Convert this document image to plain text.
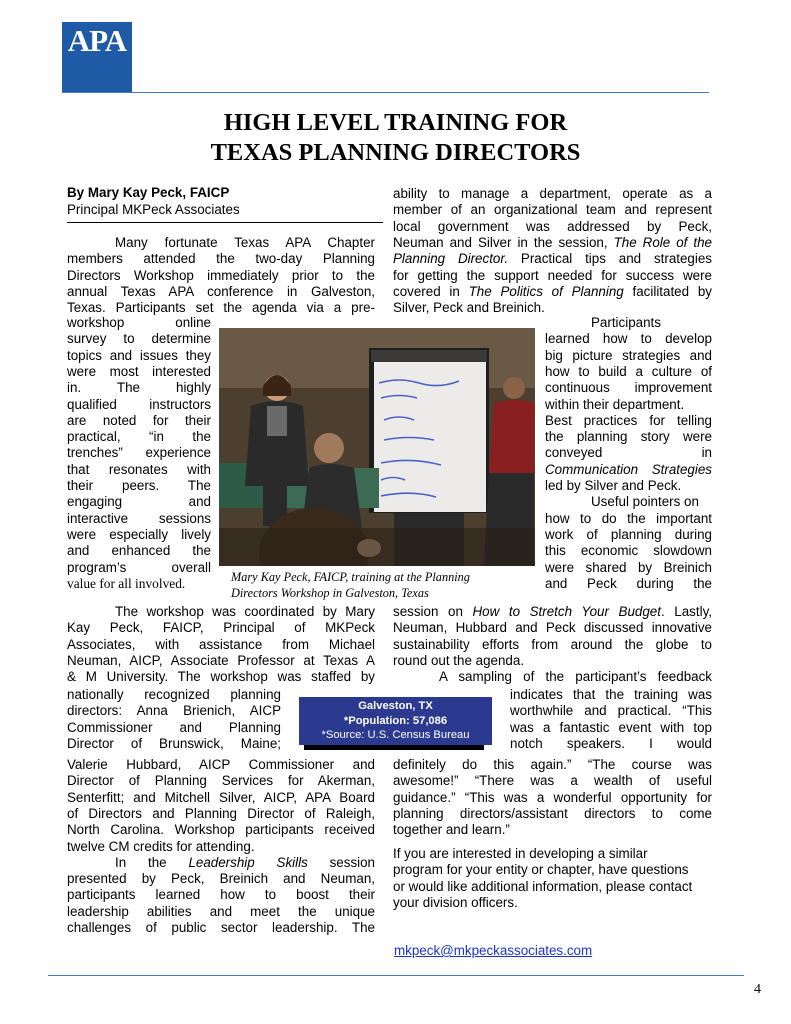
APA
HIGH LEVEL TRAINING FOR
TEXAS PLANNING DIRECTORS
By Mary Kay Peck, FAICP
Principal MKPeck Associates
Many fortunate Texas APA Chapter
members attended the two-day Planning
Directors Workshop immediately prior to the
annual Texas APA conference in Galveston,
Texas. Participants set the agenda via a pre-
workshop online
survey to determine
topics and issues they
were most interested
in. The highly
qualified instructors
are noted for their
practical, “in the
trenches” experience
that resonates with
their peers. The
engaging and
interactive sessions
were especially lively
and enhanced the
program’s overall
value for all involved.
ability to manage a department, operate as a
member of an organizational team and represent
local government was addressed by Peck,
Neuman and Silver in the session, The Role of the
Planning Director. Practical tips and strategies
for getting the support needed for success were
covered in The Politics of Planning facilitated by
Silver, Peck and Breinich.
Participants
learned how to develop
big picture strategies and
how to build a culture of
continuous improvement
within their department.
Best practices for telling
the planning story were
conveyed in
Communication Strategies
led by Silver and Peck.
Useful pointers on
how to do the important
work of planning during
this economic slowdown
were shared by Breinich
and Peck during the
Mary Kay Peck, FAICP, training at the Planning
Directors Workshop in Galveston, Texas
The workshop was coordinated by Mary
Kay Peck, FAICP, Principal of MKPeck
Associates, with assistance from Michael
Neuman, AICP, Associate Professor at Texas A
& M University. The workshop was staffed by
nationally recognized planning
directors: Anna Brienich, AICP
Commissioner and Planning
Director of Brunswick, Maine;
Valerie Hubbard, AICP Commissioner and
Director of Planning Services for Akerman,
Senterfitt; and Mitchell Silver, AICP, APA Board
of Directors and Planning Director of Raleigh,
North Carolina. Workshop participants received
twelve CM credits for attending.
In the Leadership Skills session
presented by Peck, Breinich and Neuman,
participants learned how to boost their
leadership abilities and meet the unique
challenges of public sector leadership. The
session on How to Stretch Your Budget. Lastly,
Neuman, Hubbard and Peck discussed innovative
sustainability efforts from around the globe to
round out the agenda.
A sampling of the participant’s feedback
indicates that the training was
worthwhile and practical. “This
was a fantastic event with top
notch speakers. I would
definitely do this again.” “The course was
awesome!” “There was a wealth of useful
guidance.” “This was a wonderful opportunity for
planning directors/assistant directors to come
together and learn.”
If you are interested in developing a similar
program for your entity or chapter, have questions
or would like additional information, please contact
your division officers.
Galveston, TX
*Population: 57,086
*Source: U.S. Census Bureau
mkpeck@mkpeckassociates.com
4
